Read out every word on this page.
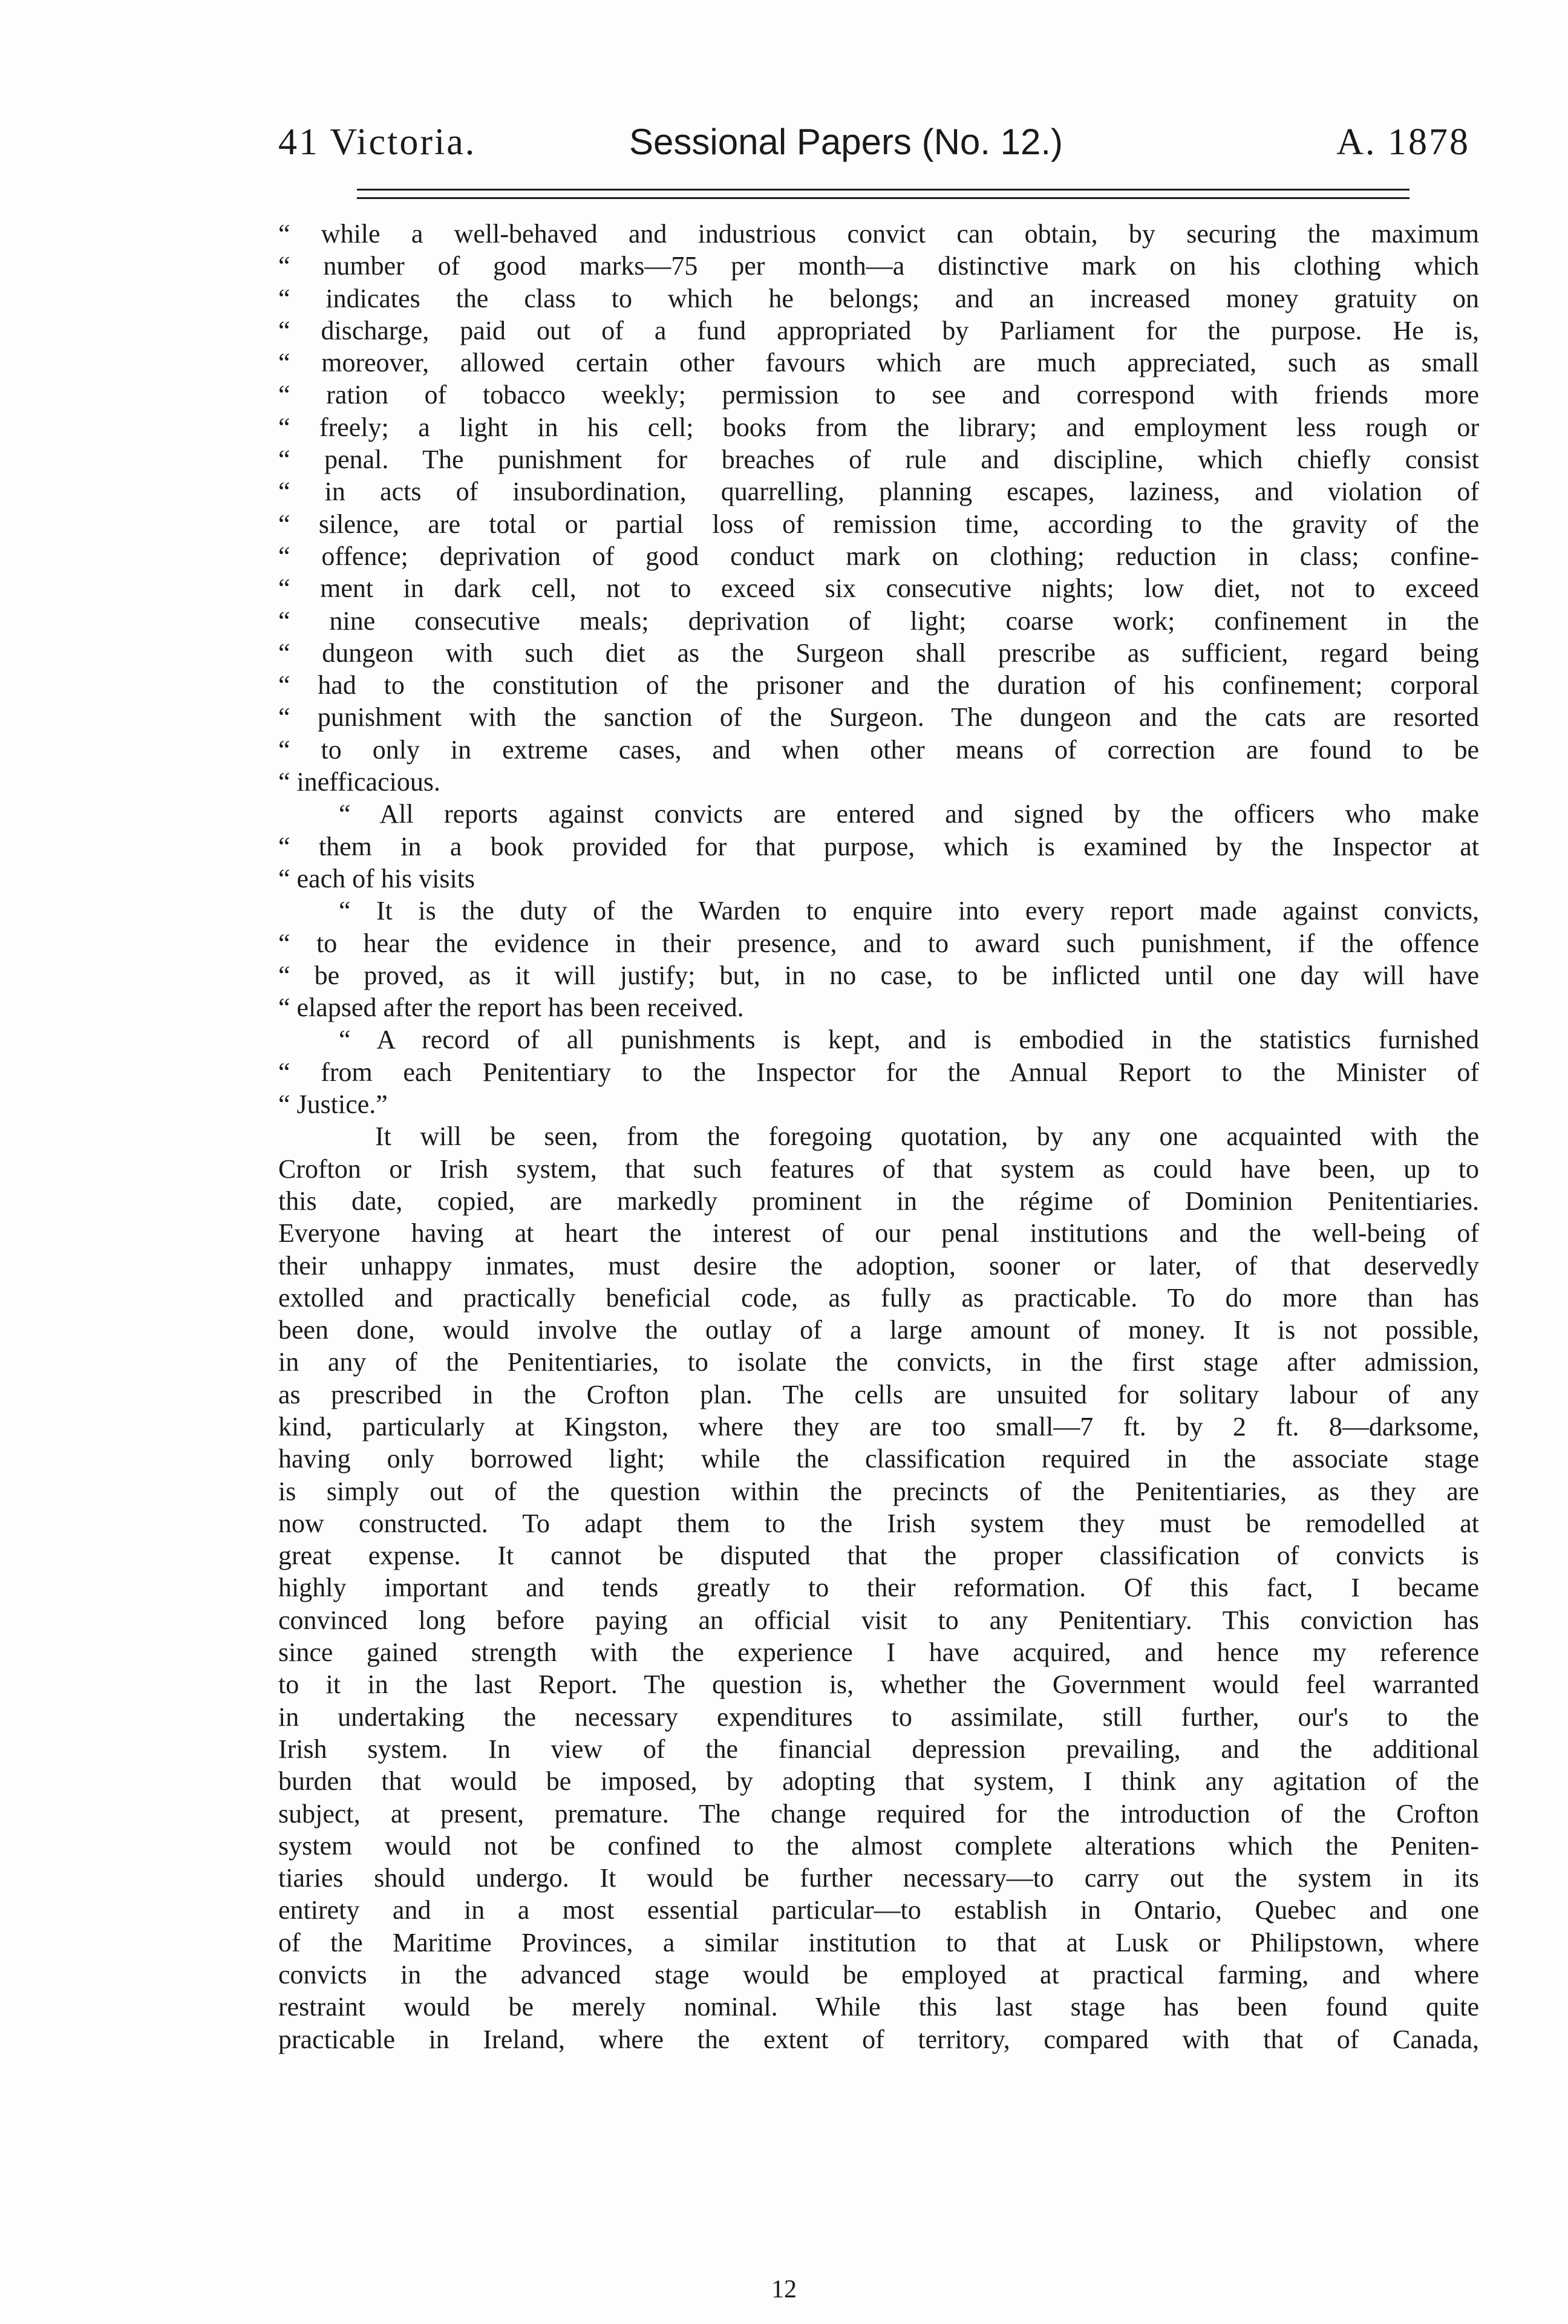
41 Victoria.	Sessional Papers (No. 12.)	A. 1878
“ while a well-behaved and industrious convict can obtain, by securing the maximum
“ number of good marks—75 per month—a distinctive mark on his clothing which
“ indicates the class to which he belongs; and an increased money gratuity on
“ discharge, paid out of a fund appropriated by Parliament for the purpose. He is,
“ moreover, allowed certain other favours which are much appreciated, such as small
“ ration of tobacco weekly; permission to see and correspond with friends more
“ freely; a light in his cell; books from the library; and employment less rough or
“ penal. The punishment for breaches of rule and discipline, which chiefly consist
“ in acts of insubordination, quarrelling, planning escapes, laziness, and violation of
“ silence, are total or partial loss of remission time, according to the gravity of the
“ offence; deprivation of good conduct mark on clothing; reduction in class; confine-
“ ment in dark cell, not to exceed six consecutive nights; low diet, not to exceed
“ nine consecutive meals; deprivation of light; coarse work; confinement in the
“ dungeon with such diet as the Surgeon shall prescribe as sufficient, regard being
“ had to the constitution of the prisoner and the duration of his confinement; corporal
“ punishment with the sanction of the Surgeon. The dungeon and the cats are resorted
“ to only in extreme cases, and when other means of correction are found to be
“ inefficacious.
“ All reports against convicts are entered and signed by the officers who make
“ them in a book provided for that purpose, which is examined by the Inspector at
“ each of his visits
“ It is the duty of the Warden to enquire into every report made against convicts,
“ to hear the evidence in their presence, and to award such punishment, if the offence
“ be proved, as it will justify; but, in no case, to be inflicted until one day will have
“ elapsed after the report has been received.
“ A record of all punishments is kept, and is embodied in the statistics furnished
“ from each Penitentiary to the Inspector for the Annual Report to the Minister of
“ Justice.”
It will be seen, from the foregoing quotation, by any one acquainted with the
Crofton or Irish system, that such features of that system as could have been, up to
this date, copied, are markedly prominent in the régime of Dominion Penitentiaries.
Everyone having at heart the interest of our penal institutions and the well-being of
their unhappy inmates, must desire the adoption, sooner or later, of that deservedly
extolled and practically beneficial code, as fully as practicable. To do more than has
been done, would involve the outlay of a large amount of money. It is not possible,
in any of the Penitentiaries, to isolate the convicts, in the first stage after admission,
as prescribed in the Crofton plan. The cells are unsuited for solitary labour of any
kind, particularly at Kingston, where they are too small—7 ft. by 2 ft. 8—darksome,
having only borrowed light; while the classification required in the associate stage
is simply out of the question within the precincts of the Penitentiaries, as they are
now constructed. To adapt them to the Irish system they must be remodelled at
great expense. It cannot be disputed that the proper classification of convicts is
highly important and tends greatly to their reformation. Of this fact, I became
convinced long before paying an official visit to any Penitentiary. This conviction has
since gained strength with the experience I have acquired, and hence my reference
to it in the last Report. The question is, whether the Government would feel warranted
in undertaking the necessary expenditures to assimilate, still further, our's to the
Irish system. In view of the financial depression prevailing, and the additional
burden that would be imposed, by adopting that system, I think any agitation of the
subject, at present, premature. The change required for the introduction of the Crofton
system would not be confined to the almost complete alterations which the Peniten-
tiaries should undergo. It would be further necessary—to carry out the system in its
entirety and in a most essential particular—to establish in Ontario, Quebec and one
of the Maritime Provinces, a similar institution to that at Lusk or Philipstown, where
convicts in the advanced stage would be employed at practical farming, and where
restraint would be merely nominal. While this last stage has been found quite
practicable in Ireland, where the extent of territory, compared with that of Canada,
12
